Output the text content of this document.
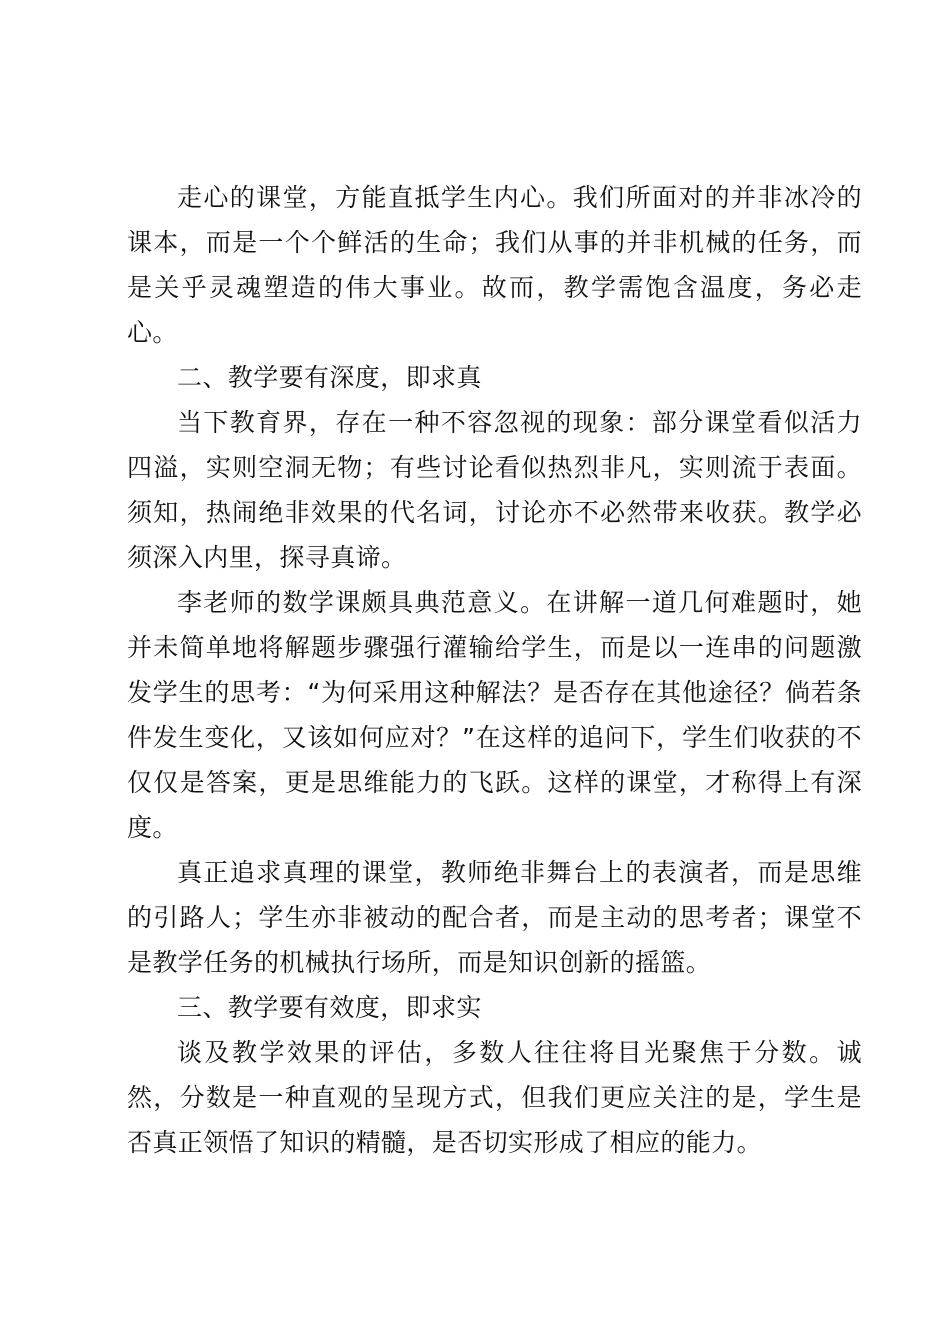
走心的课堂，方能直抵学生内心。我们所面对的并非冰冷的课本，而是一个个鲜活的生命；我们从事的并非机械的任务，而是关乎灵魂塑造的伟大事业。故而，教学需饱含温度，务必走心。

二、教学要有深度，即求真

当下教育界，存在一种不容忽视的现象：部分课堂看似活力四溢，实则空洞无物；有些讨论看似热烈非凡，实则流于表面。须知，热闹绝非效果的代名词，讨论亦不必然带来收获。教学必须深入内里，探寻真谛。

李老师的数学课颇具典范意义。在讲解一道几何难题时，她并未简单地将解题步骤强行灌输给学生，而是以一连串的问题激发学生的思考：“为何采用这种解法？是否存在其他途径？倘若条件发生变化，又该如何应对？”在这样的追问下，学生们收获的不仅仅是答案，更是思维能力的飞跃。这样的课堂，才称得上有深度。

真正追求真理的课堂，教师绝非舞台上的表演者，而是思维的引路人；学生亦非被动的配合者，而是主动的思考者；课堂不是教学任务的机械执行场所，而是知识创新的摇篮。

三、教学要有效度，即求实

谈及教学效果的评估，多数人往往将目光聚焦于分数。诚然，分数是一种直观的呈现方式，但我们更应关注的是，学生是否真正领悟了知识的精髓，是否切实形成了相应的能力。
